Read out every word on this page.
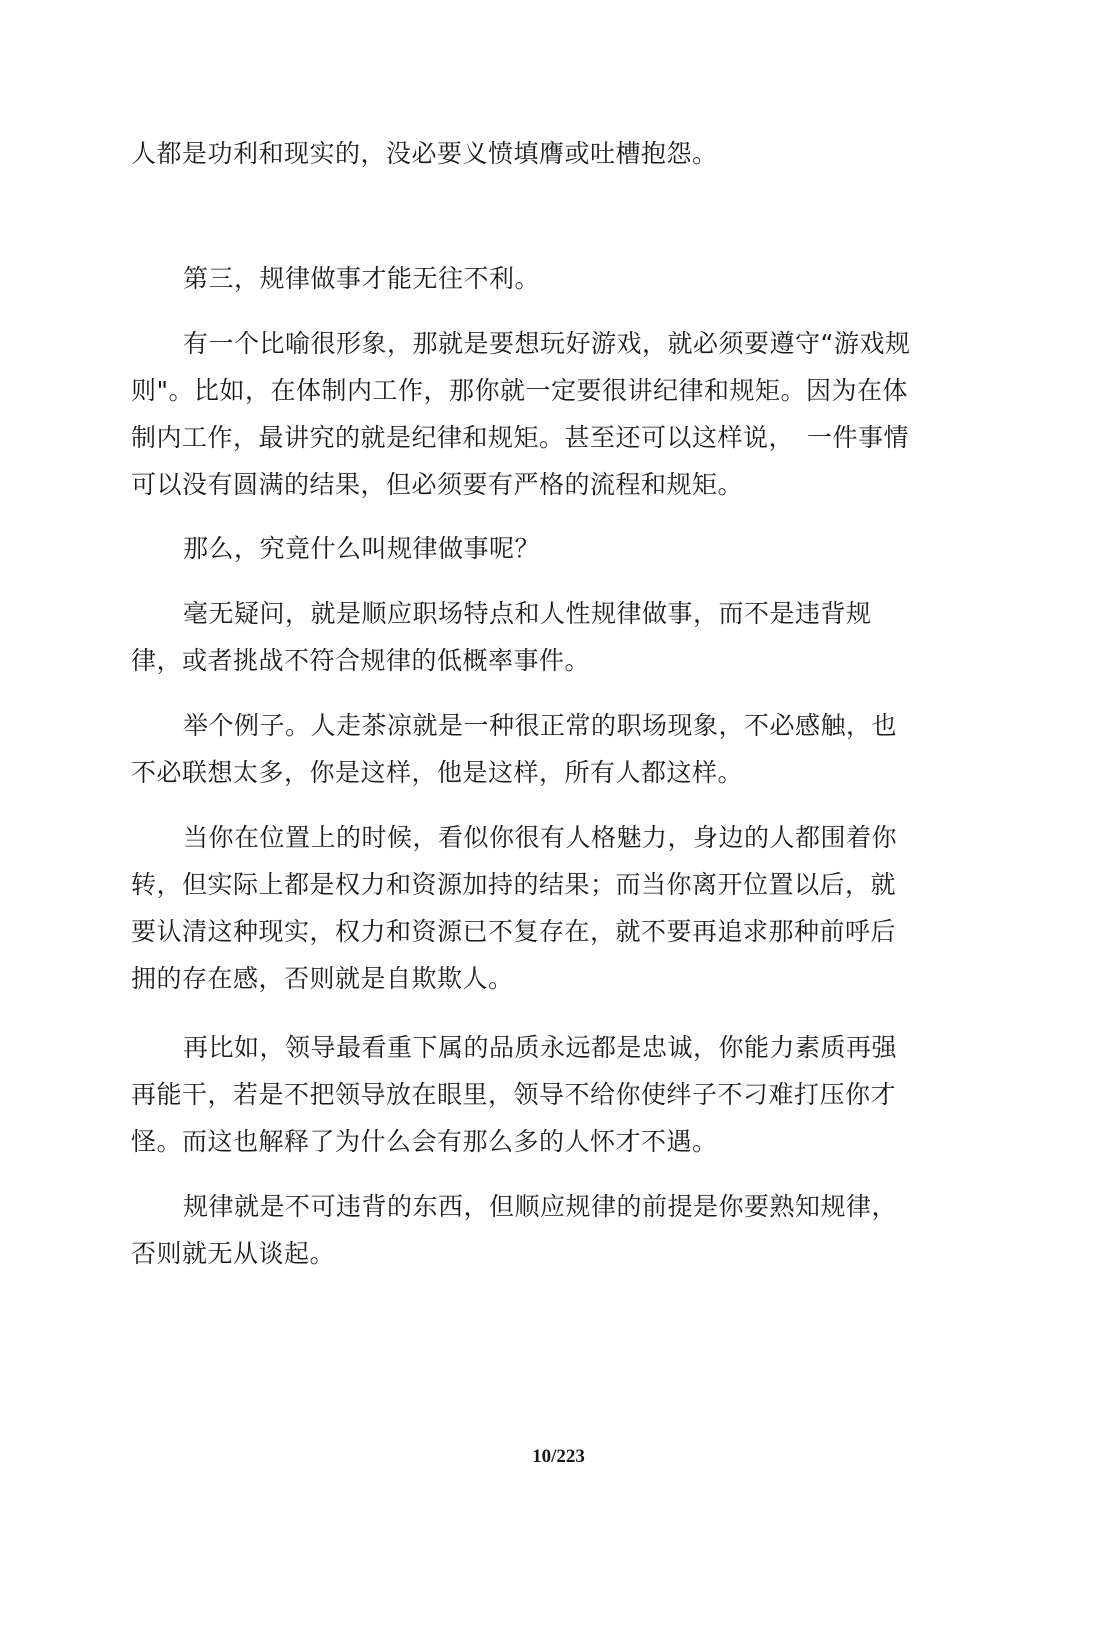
人都是功利和现实的，没必要义愤填膺或吐槽抱怨。

第三，规律做事才能无往不利。

有一个比喻很形象，那就是要想玩好游戏，就必须要遵守“游戏规则"。比如，在体制内工作，那你就一定要很讲纪律和规矩。因为在体制内工作，最讲究的就是纪律和规矩。甚至还可以这样说，　一件事情可以没有圆满的结果，但必须要有严格的流程和规矩。

那么，究竟什么叫规律做事呢？

毫无疑问，就是顺应职场特点和人性规律做事，而不是违背规律，或者挑战不符合规律的低概率事件。

举个例子。人走茶凉就是一种很正常的职场现象，不必感触，也不必联想太多，你是这样，他是这样，所有人都这样。

当你在位置上的时候，看似你很有人格魅力，身边的人都围着你转，但实际上都是权力和资源加持的结果；而当你离开位置以后，就要认清这种现实，权力和资源已不复存在，就不要再追求那种前呼后拥的存在感，否则就是自欺欺人。

再比如，领导最看重下属的品质永远都是忠诚，你能力素质再强再能干，若是不把领导放在眼里，领导不给你使绊子不刁难打压你才怪。而这也解释了为什么会有那么多的人怀才不遇。

规律就是不可违背的东西，但顺应规律的前提是你要熟知规律，否则就无从谈起。

10/223
